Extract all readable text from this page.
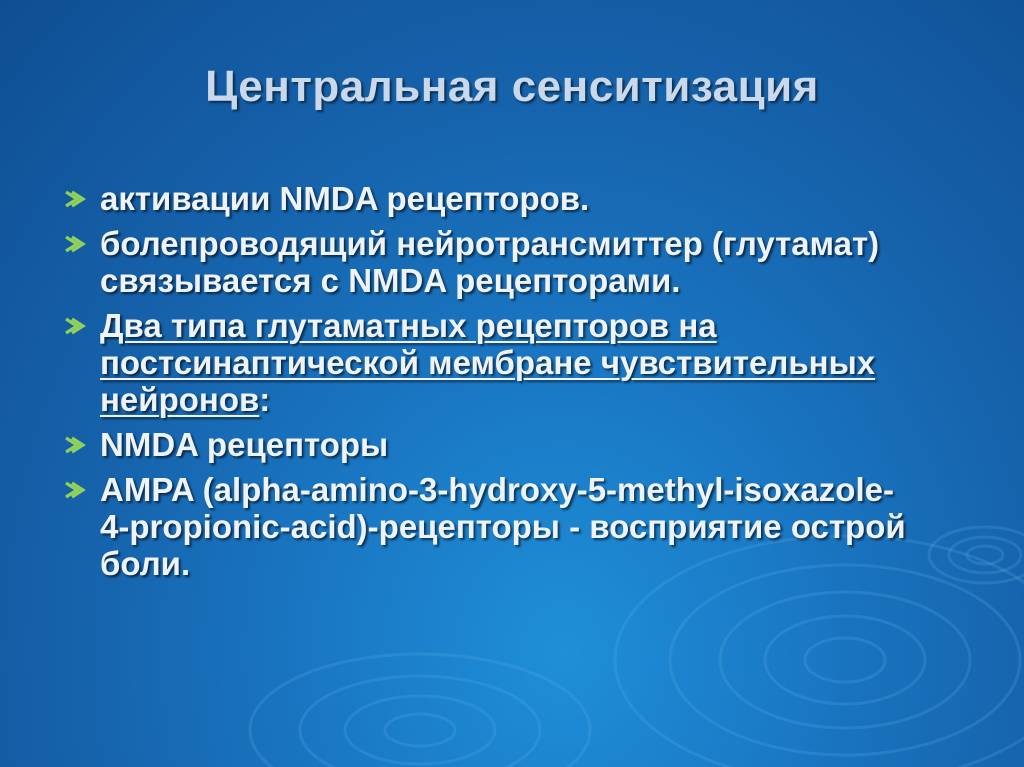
Центральная сенситизация
активации NMDA рецепторов.
болепроводящий нейротрансмиттер (глутамат) связывается с NMDA рецепторами.
Два типа глутаматных рецепторов на постсинаптической мембране чувствительных нейронов:
NMDA рецепторы
AMPA (alpha-amino-3-hydroxy-5-methyl-isoxazole-4-propionic-acid)-рецепторы - восприятие острой боли.
